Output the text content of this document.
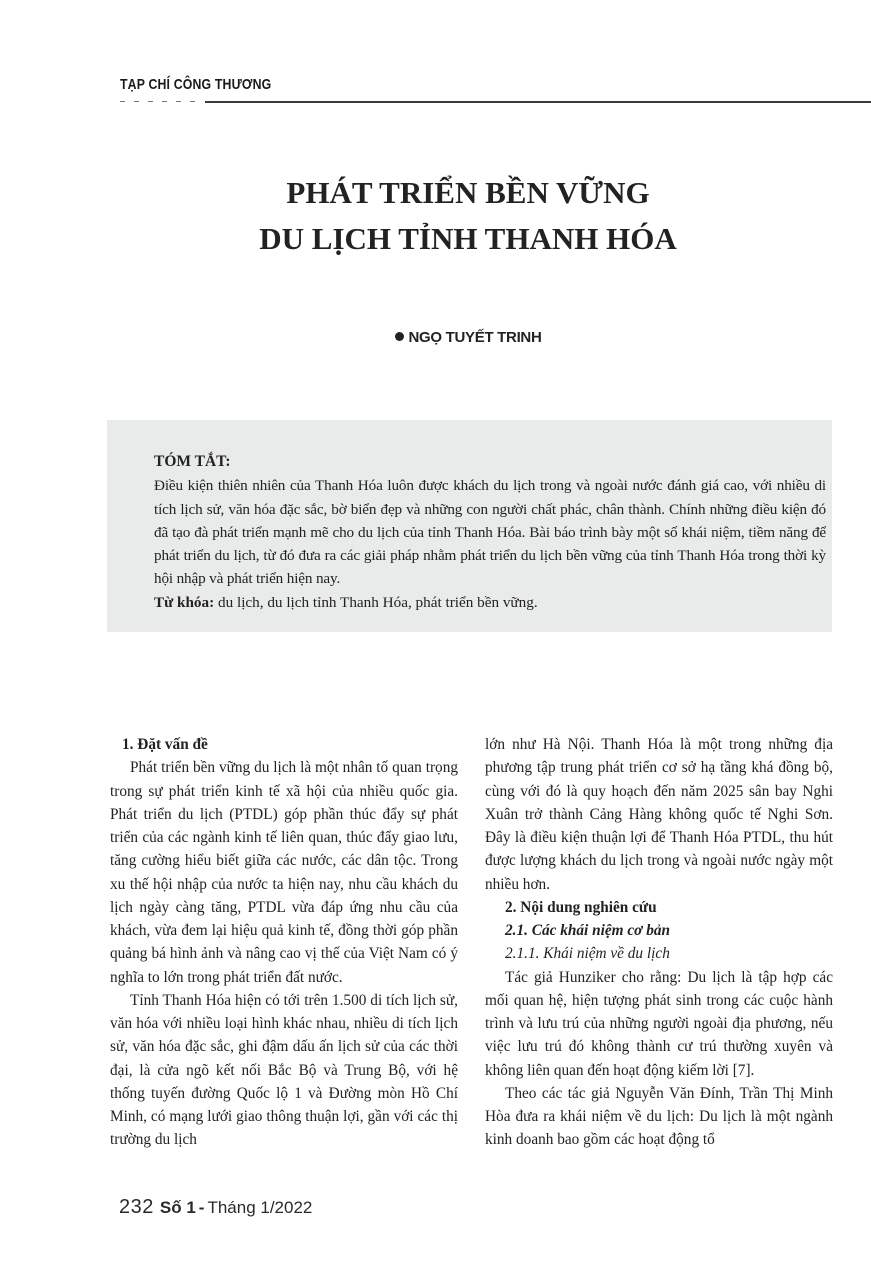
TẠP CHÍ CÔNG THƯƠNG
PHÁT TRIỂN BỀN VỮNG
DU LỊCH TỈNH THANH HÓA
NGỌ TUYẾT TRINH
TÓM TẮT:
Điều kiện thiên nhiên của Thanh Hóa luôn được khách du lịch trong và ngoài nước đánh giá cao, với nhiều di tích lịch sử, văn hóa đặc sắc, bờ biển đẹp và những con người chất phác, chân thành. Chính những điều kiện đó đã tạo đà phát triển mạnh mẽ cho du lịch của tỉnh Thanh Hóa. Bài báo trình bày một số khái niệm, tiềm năng để phát triển du lịch, từ đó đưa ra các giải pháp nhằm phát triển du lịch bền vững của tỉnh Thanh Hóa trong thời kỳ hội nhập và phát triển hiện nay.
Từ khóa: du lịch, du lịch tỉnh Thanh Hóa, phát triển bền vững.

1. Đặt vấn đề

Phát triển bền vững du lịch là một nhân tố quan trọng trong sự phát triển kinh tế xã hội của nhiều quốc gia. Phát triển du lịch (PTDL) góp phần thúc đẩy sự phát triển của các ngành kinh tế liên quan, thúc đẩy giao lưu, tăng cường hiểu biết giữa các nước, các dân tộc. Trong xu thế hội nhập của nước ta hiện nay, nhu cầu khách du lịch ngày càng tăng, PTDL vừa đáp ứng nhu cầu của khách, vừa đem lại hiệu quả kinh tế, đồng thời góp phần quảng bá hình ảnh và nâng cao vị thế của Việt Nam có ý nghĩa to lớn trong phát triển đất nước.

Tỉnh Thanh Hóa hiện có tới trên 1.500 di tích lịch sử, văn hóa với nhiều loại hình khác nhau, nhiều di tích lịch sử, văn hóa đặc sắc, ghi đậm dấu ấn lịch sử của các thời đại, là cửa ngõ kết nối Bắc Bộ và Trung Bộ, với hệ thống tuyến đường Quốc lộ 1 và Đường mòn Hồ Chí Minh, có mạng lưới giao thông thuận lợi, gần với các thị trường du lịch

lớn như Hà Nội. Thanh Hóa là một trong những địa phương tập trung phát triển cơ sở hạ tầng khá đồng bộ, cùng với đó là quy hoạch đến năm 2025 sân bay Nghi Xuân trở thành Cảng Hàng không quốc tế Nghi Sơn. Đây là điều kiện thuận lợi để Thanh Hóa PTDL, thu hút được lượng khách du lịch trong và ngoài nước ngày một nhiều hơn.

2. Nội dung nghiên cứu

2.1. Các khái niệm cơ bản

2.1.1. Khái niệm về du lịch

Tác giả Hunziker cho rằng: Du lịch là tập hợp các mối quan hệ, hiện tượng phát sinh trong các cuộc hành trình và lưu trú của những người ngoài địa phương, nếu việc lưu trú đó không thành cư trú thường xuyên và không liên quan đến hoạt động kiếm lời [7].

Theo các tác giả Nguyễn Văn Đính, Trần Thị Minh Hòa đưa ra khái niệm về du lịch: Du lịch là một ngành kinh doanh bao gồm các hoạt động tổ

232 Số 1 - Tháng 1/2022
